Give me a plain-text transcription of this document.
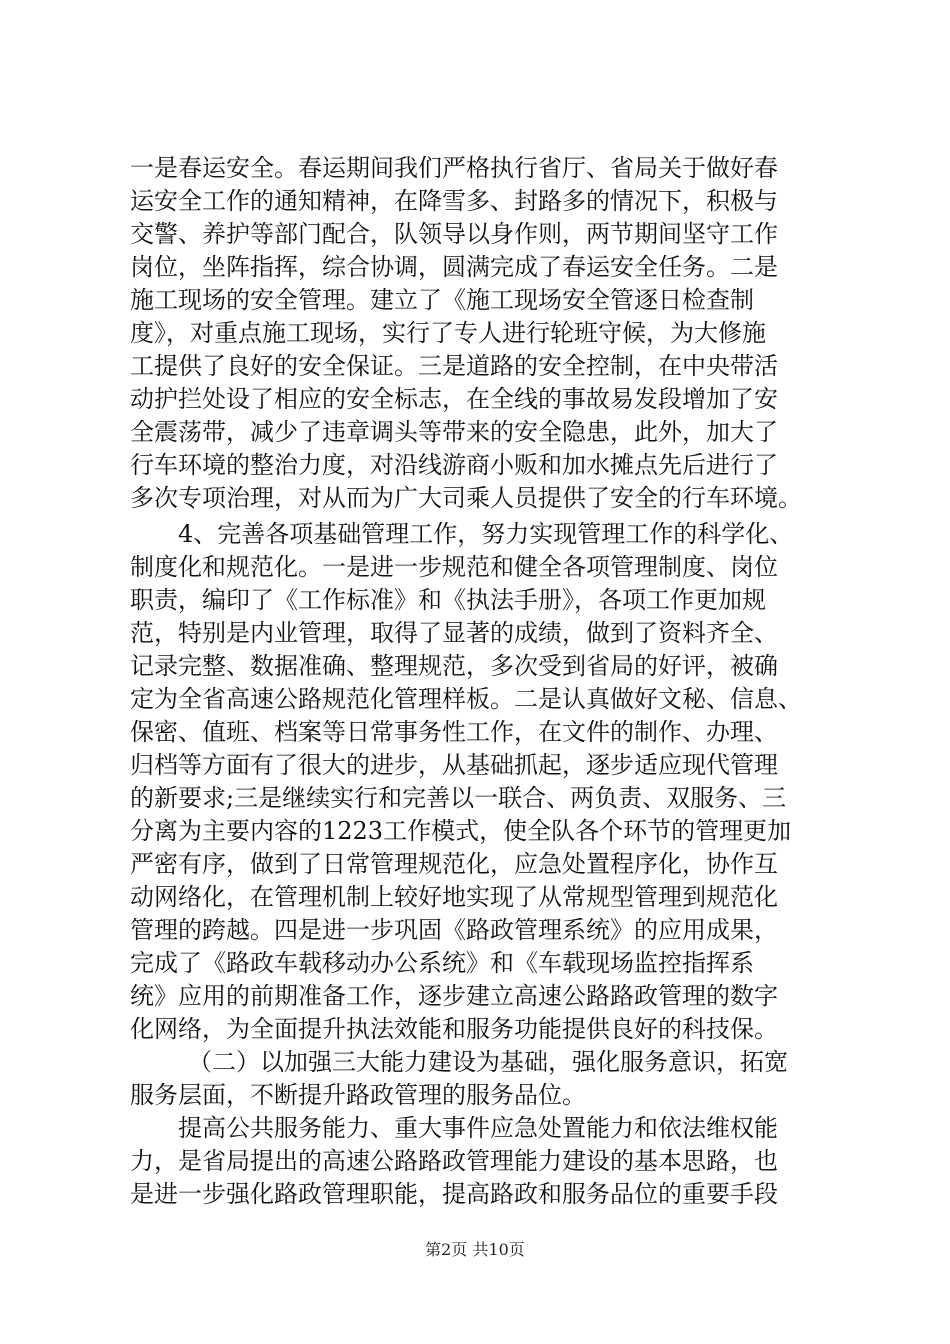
一是春运安全。春运期间我们严格执行省厅、省局关于做好春
运安全工作的通知精神，在降雪多、封路多的情况下，积极与
交警、养护等部门配合，队领导以身作则，两节期间坚守工作
岗位，坐阵指挥，综合协调，圆满完成了春运安全任务。二是
施工现场的安全管理。建立了《施工现场安全管逐日检查制
度》，对重点施工现场，实行了专人进行轮班守候，为大修施
工提供了良好的安全保证。三是道路的安全控制，在中央带活
动护拦处设了相应的安全标志，在全线的事故易发段增加了安
全震荡带，减少了违章调头等带来的安全隐患，此外，加大了
行车环境的整治力度，对沿线游商小贩和加水摊点先后进行了
多次专项治理，对从而为广大司乘人员提供了安全的行车环境。
4、完善各项基础管理工作，努力实现管理工作的科学化、
制度化和规范化。一是进一步规范和健全各项管理制度、岗位
职责，编印了《工作标准》和《执法手册》，各项工作更加规
范，特别是内业管理，取得了显著的成绩，做到了资料齐全、
记录完整、数据准确、整理规范，多次受到省局的好评，被确
定为全省高速公路规范化管理样板。二是认真做好文秘、信息、
保密、值班、档案等日常事务性工作，在文件的制作、办理、
归档等方面有了很大的进步，从基础抓起，逐步适应现代管理
的新要求;三是继续实行和完善以一联合、两负责、双服务、三
分离为主要内容的1223工作模式，使全队各个环节的管理更加
严密有序，做到了日常管理规范化，应急处置程序化，协作互
动网络化，在管理机制上较好地实现了从常规型管理到规范化
管理的跨越。四是进一步巩固《路政管理系统》的应用成果，
完成了《路政车载移动办公系统》和《车载现场监控指挥系
统》应用的前期准备工作，逐步建立高速公路路政管理的数字
化网络，为全面提升执法效能和服务功能提供良好的科技保。
（二）以加强三大能力建设为基础，强化服务意识，拓宽
服务层面，不断提升路政管理的服务品位。
提高公共服务能力、重大事件应急处置能力和依法维权能
力，是省局提出的高速公路路政管理能力建设的基本思路，也
是进一步强化路政管理职能，提高路政和服务品位的重要手段
第2页 共10页
